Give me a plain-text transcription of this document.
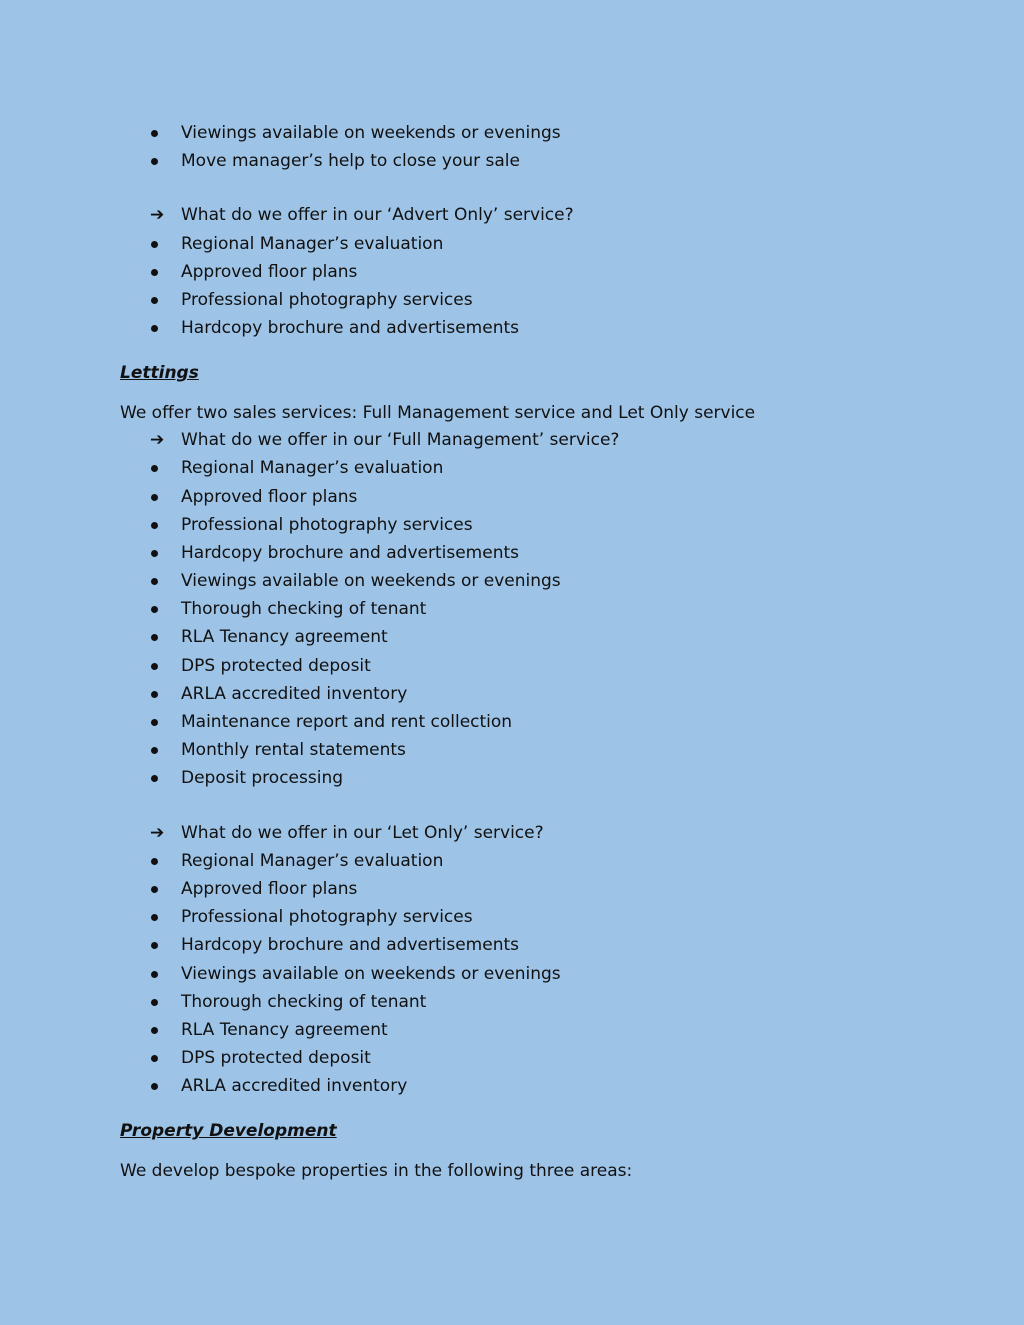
Viewings available on weekends or evenings
Move manager’s help to close your sale
➔ What do we offer in our ‘Advert Only’ service?
Regional Manager’s evaluation
Approved floor plans
Professional photography services
Hardcopy brochure and advertisements
Lettings
We offer two sales services: Full Management service and Let Only service
➔ What do we offer in our ‘Full Management’ service?
Regional Manager’s evaluation
Approved floor plans
Professional photography services
Hardcopy brochure and advertisements
Viewings available on weekends or evenings
Thorough checking of tenant
RLA Tenancy agreement
DPS protected deposit
ARLA accredited inventory
Maintenance report and rent collection
Monthly rental statements
Deposit processing
➔ What do we offer in our ‘Let Only’ service?
Regional Manager’s evaluation
Approved floor plans
Professional photography services
Hardcopy brochure and advertisements
Viewings available on weekends or evenings
Thorough checking of tenant
RLA Tenancy agreement
DPS protected deposit
ARLA accredited inventory
Property Development
We develop bespoke properties in the following three areas:
